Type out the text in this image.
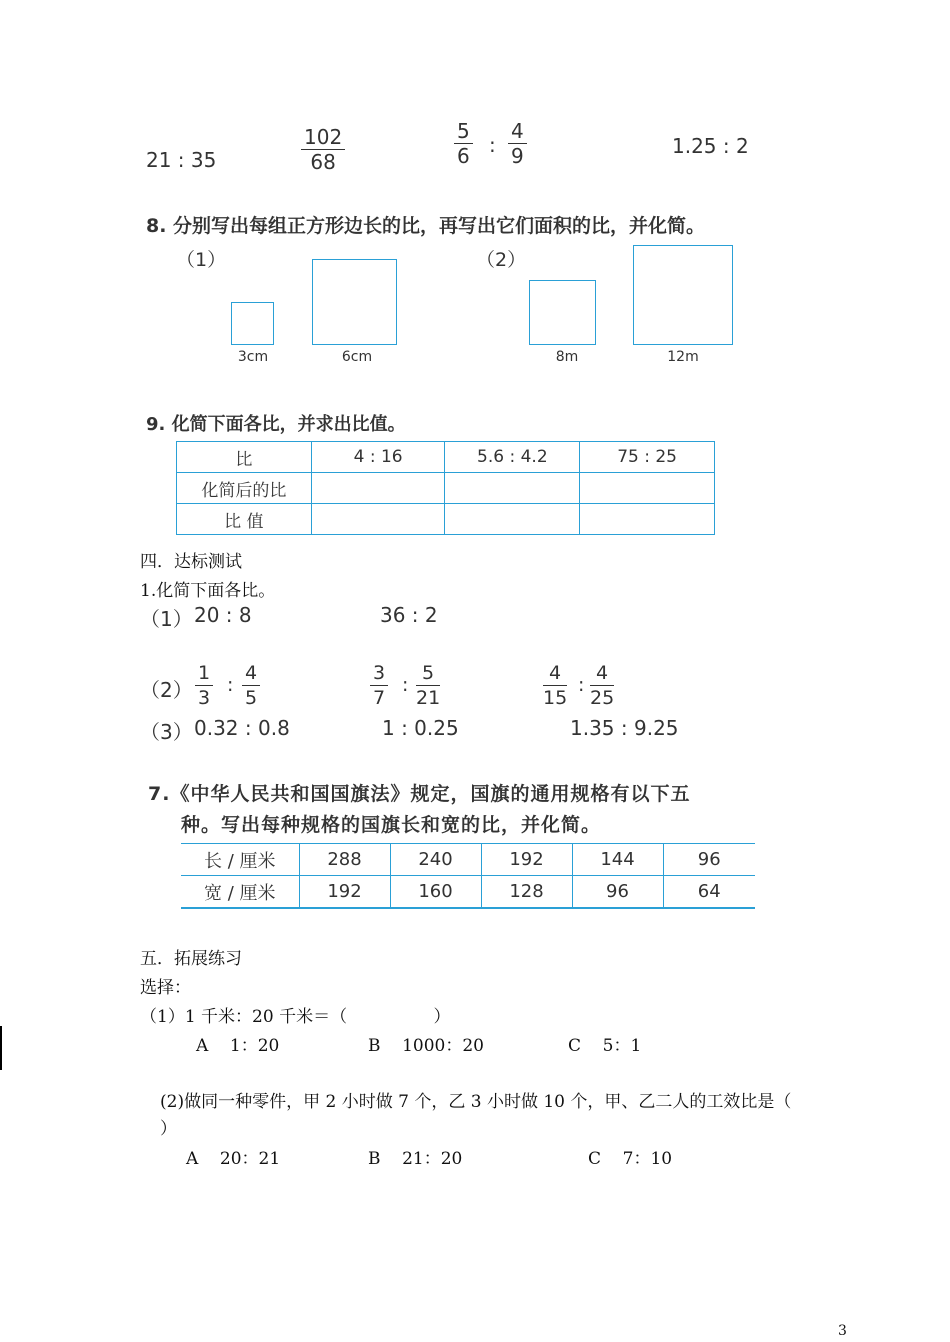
21 : 35	$\frac{102}{68}$	$\frac{5}{6}$ : $\frac{4}{9}$	1.25 : 2
8. 分别写出每组正方形边长的比，再写出它们面积的比，并化简。
（1）	（2）
3cm	6cm	8m	12m
9. 化简下面各比，并求出比值。
比	4 : 16	5.6 : 4.2	75 : 25
化简后的比			
比 值			
四．达标测试
1.化简下面各比。
（1） 20 : 8	36 : 2
$(2) \frac{1}{3}$ : $\frac{4}{5}$	$\frac{3}{7}$ : $\frac{5}{21}$	$\frac{4}{15}$ : $\frac{4}{25}$
（3） 0.32 : 0.8	1 : 0.25	1.35 : 9.25
7.《中华人民共和国国旗法》规定，国旗的通用规格有以下五
种。写出每种规格的国旗长和宽的比，并化简。
长 / 厘米	288	240	192	144	96
宽 / 厘米	192	160	128	96	64
五．拓展练习
选择：
（1）1 千米：20 千米＝（                ）
A    1：20	B    1000：20	C    5：1
(2)做同一种零件，甲 2 小时做 7 个，乙 3 小时做 10 个，甲、乙二人的工效比是（
）
A    20：21	B    21：20	C    7：10
3
